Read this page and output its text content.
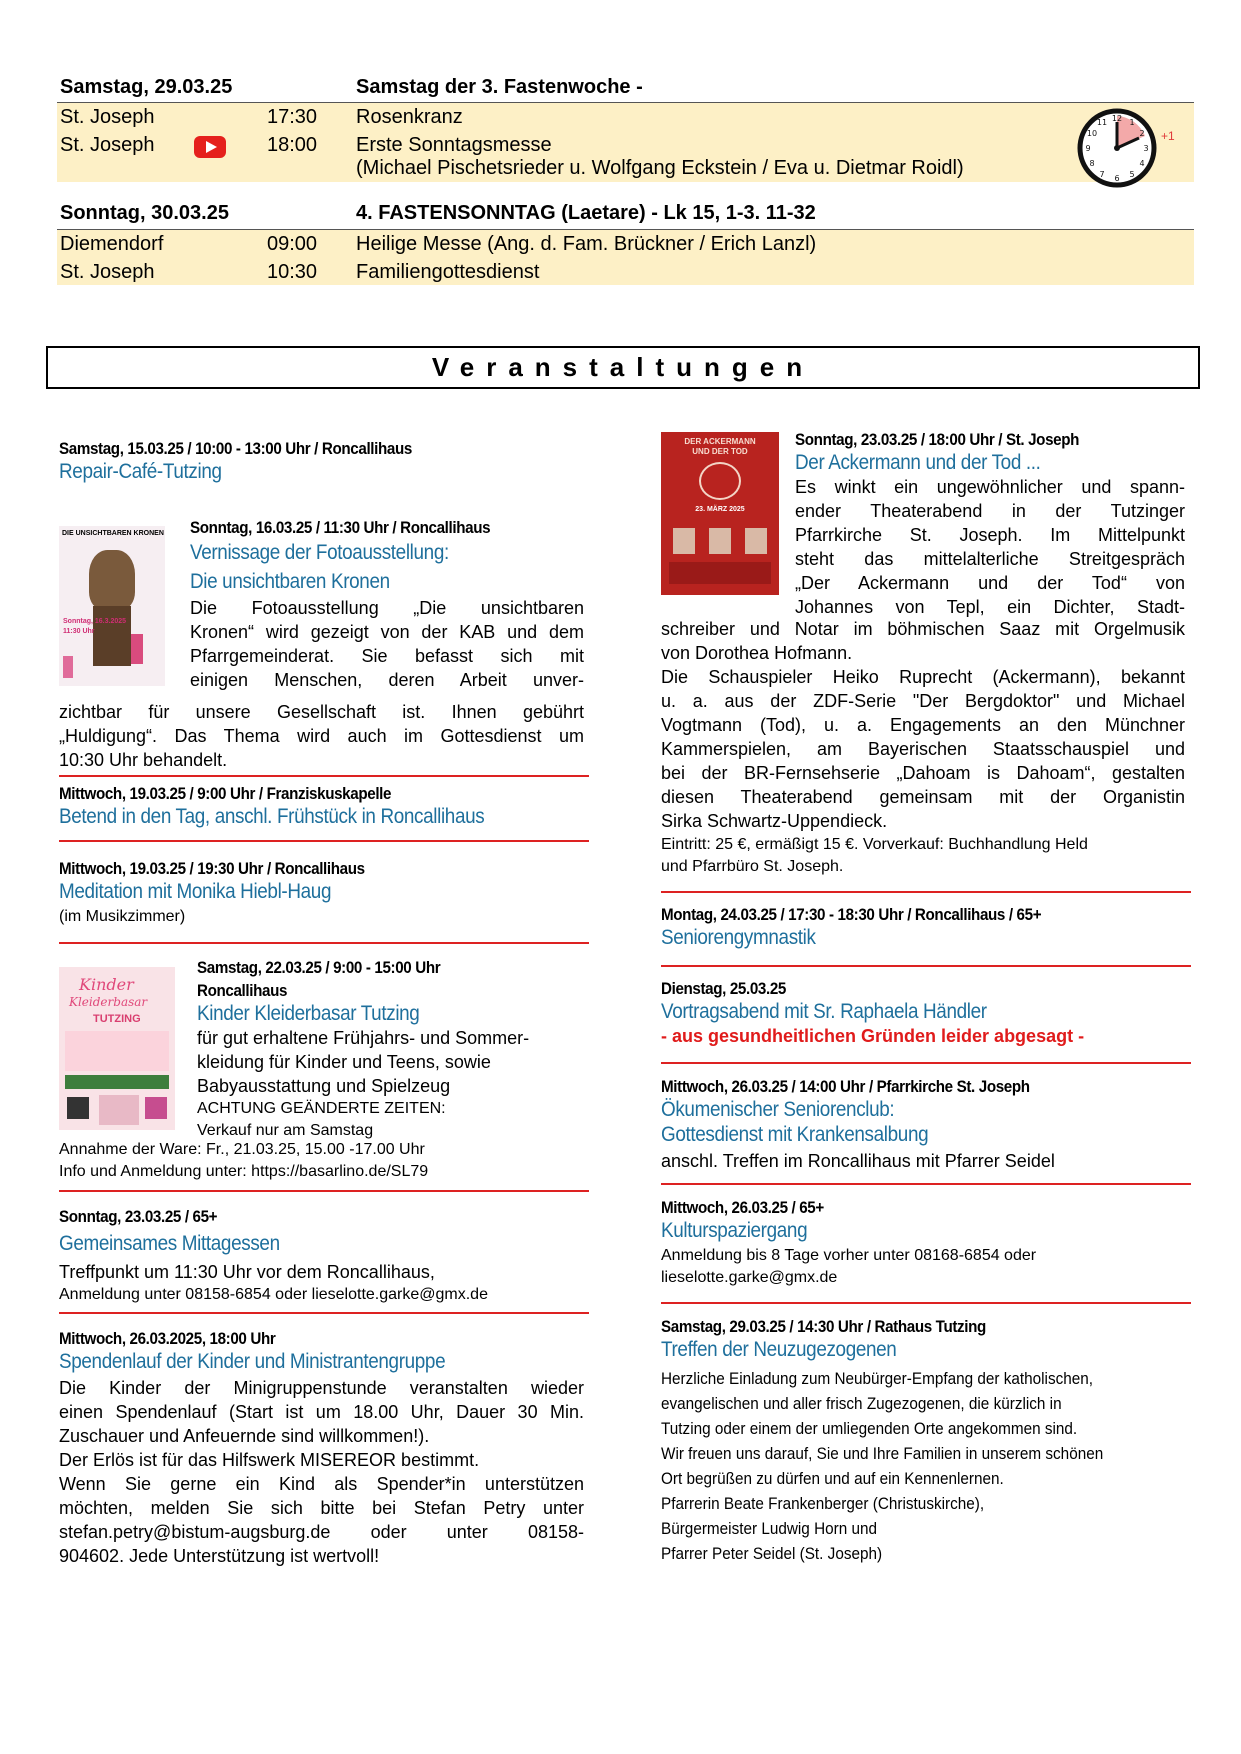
Samstag, 29.03.25	Samstag der 3. Fastenwoche -
St. Joseph	17:30 Rosenkranz
St. Joseph	18:00 Erste Sonntagsmesse
(Michael Pischetsrieder u. Wolfgang Eckstein / Eva u. Dietmar Roidl)
12 1
2
3
4
5
6
7
8
9
10
11
+1
Sonntag, 30.03.25	4. FASTENSONNTAG (Laetare) - Lk 15, 1-3. 11-32
Diemendorf	09:00 Heilige Messe (Ang. d. Fam. Brückner / Erich Lanzl)
St. Joseph	10:30 Familiengottesdienst
Veranstaltungen
Samstag, 15.03.25 / 10:00 - 13:00 Uhr / Roncallihaus
Repair-Café-Tutzing
DIE UNSICHTBAREN KRONEN
Sonntag, 16.3.2025
11:30 Uhr
Sonntag, 16.03.25 / 11:30 Uhr / Roncallihaus
Vernissage der Fotoausstellung:
Die unsichtbaren Kronen
Die Fotoausstellung „Die unsichtbaren
Kronen“ wird gezeigt von der KAB und dem
Pfarrgemeinderat. Sie befasst sich mit
einigen Menschen, deren Arbeit unver-
zichtbar für unsere Gesellschaft ist. Ihnen gebührt
„Huldigung“. Das Thema wird auch im Gottesdienst um
10:30 Uhr behandelt.
Mittwoch, 19.03.25 / 9:00 Uhr / Franziskuskapelle
Betend in den Tag, anschl. Frühstück in Roncallihaus
Mittwoch, 19.03.25 / 19:30 Uhr / Roncallihaus
Meditation mit Monika Hiebl-Haug
(im Musikzimmer)
Kinder
Kleiderbasar
TUTZING
Samstag, 22.03.25 / 9:00 - 15:00 Uhr
Roncallihaus
Kinder Kleiderbasar Tutzing
für gut erhaltene Frühjahrs- und Sommer-
kleidung für Kinder und Teens, sowie
Babyausstattung und Spielzeug
ACHTUNG GEÄNDERTE ZEITEN:
Verkauf nur am Samstag
Annahme der Ware: Fr., 21.03.25, 15.00 -17.00 Uhr
Info und Anmeldung unter: https://basarlino.de/SL79
Sonntag, 23.03.25 / 65+
Gemeinsames Mittagessen
Treffpunkt um 11:30 Uhr vor dem Roncallihaus,
Anmeldung unter 08158-6854 oder lieselotte.garke@gmx.de
Mittwoch, 26.03.2025, 18:00 Uhr
Spendenlauf der Kinder und Ministrantengruppe
Die Kinder der Minigruppenstunde veranstalten wieder
einen Spendenlauf (Start ist um 18.00 Uhr, Dauer 30 Min.
Zuschauer und Anfeuernde sind willkommen!).
Der Erlös ist für das Hilfswerk MISEREOR bestimmt.
Wenn Sie gerne ein Kind als Spender*in unterstützen
möchten, melden Sie sich bitte bei Stefan Petry unter
stefan.petry@bistum-augsburg.de oder unter 08158-
904602. Jede Unterstützung ist wertvoll!
DER ACKERMANN
UND DER TOD
23. MÄRZ 2025
Sonntag, 23.03.25 / 18:00 Uhr / St. Joseph
Der Ackermann und der Tod ...
Es winkt ein ungewöhnlicher und spann-
ender Theaterabend in der Tutzinger
Pfarrkirche St. Joseph. Im Mittelpunkt
steht das mittelalterliche Streitgespräch
„Der Ackermann und der Tod“ von
Johannes von Tepl, ein Dichter, Stadt-
schreiber und Notar im böhmischen Saaz mit Orgelmusik
von Dorothea Hofmann.
Die Schauspieler Heiko Ruprecht (Ackermann), bekannt
u. a. aus der ZDF-Serie "Der Bergdoktor" und Michael
Vogtmann (Tod), u. a. Engagements an den Münchner
Kammerspielen, am Bayerischen Staatsschauspiel und
bei der BR-Fernsehserie „Dahoam is Dahoam“, gestalten
diesen Theaterabend gemeinsam mit der Organistin
Sirka Schwartz-Uppendieck.
Eintritt: 25 €, ermäßigt 15 €. Vorverkauf: Buchhandlung Held
und Pfarrbüro St. Joseph.
Montag, 24.03.25 / 17:30 - 18:30 Uhr / Roncallihaus / 65+
Seniorengymnastik
Dienstag, 25.03.25
Vortragsabend mit Sr. Raphaela Händler
- aus gesundheitlichen Gründen leider abgesagt -
Mittwoch, 26.03.25 / 14:00 Uhr / Pfarrkirche St. Joseph
Ökumenischer Seniorenclub:
Gottesdienst mit Krankensalbung
anschl. Treffen im Roncallihaus mit Pfarrer Seidel
Mittwoch, 26.03.25 / 65+
Kulturspaziergang
Anmeldung bis 8 Tage vorher unter 08168-6854 oder
lieselotte.garke@gmx.de
Samstag, 29.03.25 / 14:30 Uhr / Rathaus Tutzing
Treffen der Neuzugezogenen
Herzliche Einladung zum Neubürger-Empfang der katholischen,
evangelischen und aller frisch Zugezogenen, die kürzlich in
Tutzing oder einem der umliegenden Orte angekommen sind.
Wir freuen uns darauf, Sie und Ihre Familien in unserem schönen
Ort begrüßen zu dürfen und auf ein Kennenlernen.
Pfarrerin Beate Frankenberger (Christuskirche),
Bürgermeister Ludwig Horn und
Pfarrer Peter Seidel (St. Joseph)
